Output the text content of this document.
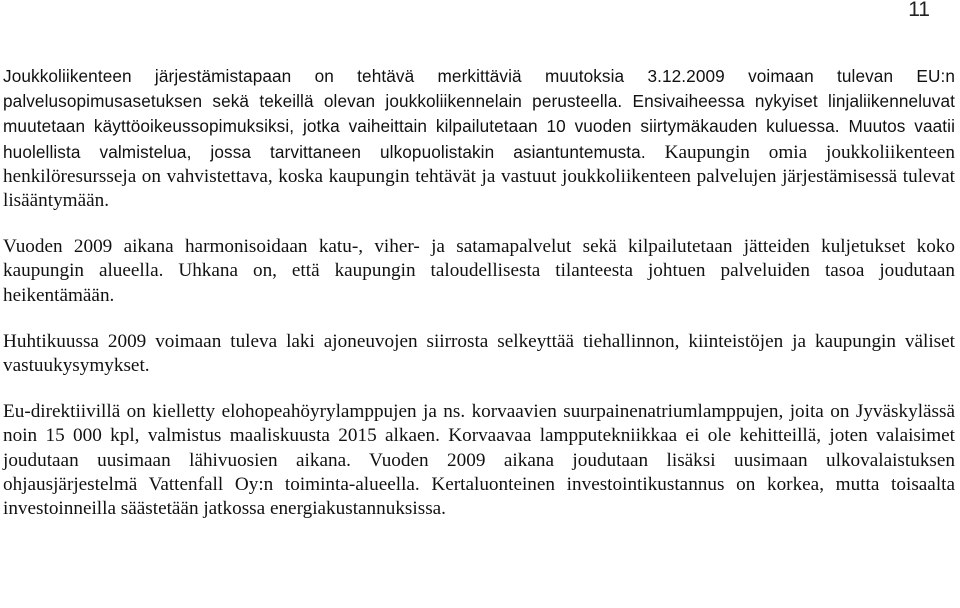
11

Joukkoliikenteen järjestämistapaan on tehtävä merkittäviä muutoksia 3.12.2009 voimaan tulevan EU:n palvelusopimusasetuksen sekä tekeillä olevan joukkoliikennelain perusteella. Ensivaiheessa nykyiset linjaliikenneluvat muutetaan käyttöoikeussopimuksiksi, jotka vaiheittain kilpailutetaan 10 vuoden siirtymäkauden kuluessa. Muutos vaatii huolellista valmistelua, jossa tarvittaneen ulkopuolistakin asiantuntemusta. Kaupungin omia joukkoliikenteen henkilöresursseja on vahvistettava, koska kaupungin tehtävät ja vastuut joukkoliikenteen palvelujen järjestämisessä tulevat lisääntymään.

Vuoden 2009 aikana harmonisoidaan katu-, viher- ja satamapalvelut sekä kilpailutetaan jätteiden kuljetukset koko kaupungin alueella. Uhkana on, että kaupungin taloudellisesta tilanteesta johtuen palveluiden tasoa joudutaan heikentämään.

Huhtikuussa 2009 voimaan tuleva laki ajoneuvojen siirrosta selkeyttää tiehallinnon, kiinteistöjen ja kaupungin väliset vastuukysymykset.

Eu-direktiivillä on kielletty elohopeahöyrylamppujen ja ns. korvaavien suurpainenatriumlamppujen, joita on Jyväskylässä noin 15 000 kpl, valmistus maaliskuusta 2015 alkaen. Korvaavaa lampputekniikkaa ei ole kehitteillä, joten valaisimet joudutaan uusimaan lähivuosien aikana. Vuoden 2009 aikana joudutaan lisäksi uusimaan ulkovalaistuksen ohjausjärjestelmä Vattenfall Oy:n toiminta-alueella. Kertaluonteinen investointikustannus on korkea, mutta toisaalta investoinneilla säästetään jatkossa energiakustannuksissa.
